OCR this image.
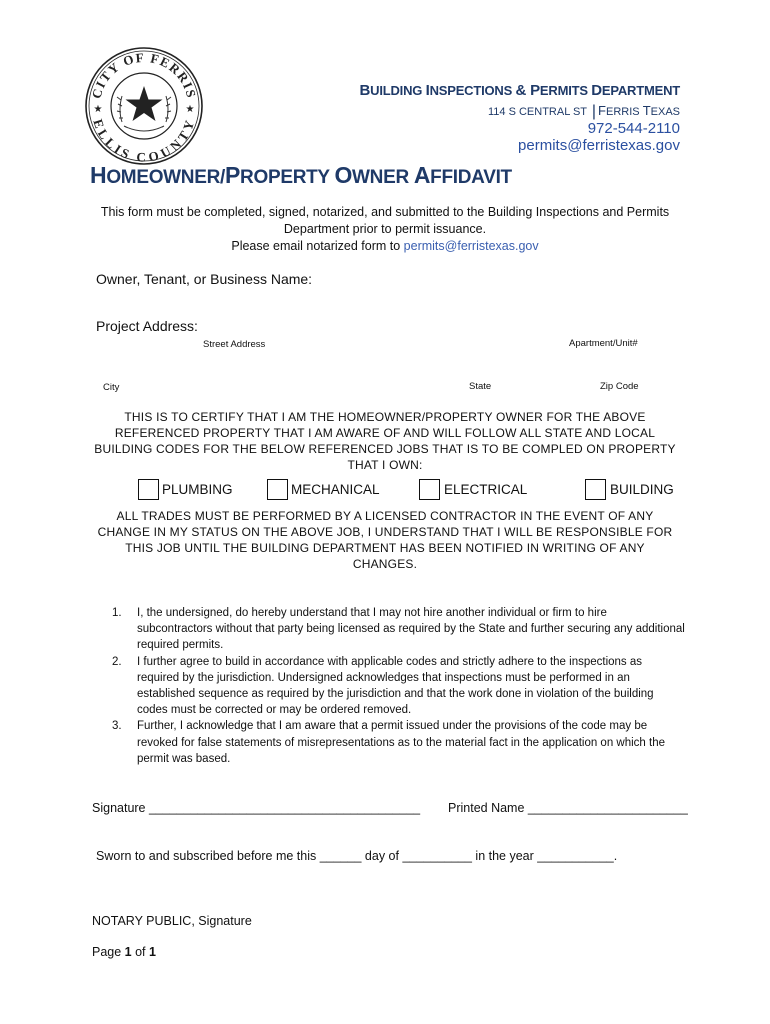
CITY OF FERRIS
ELLIS COUNTY
★	★
BUILDING INSPECTIONS & PERMITS DEPARTMENT
114 S CENTRAL ST | FERRIS TEXAS
972-544-2110
permits@ferristexas.gov
HOMEOWNER/PROPERTY OWNER AFFIDAVIT
This form must be completed, signed, notarized, and submitted to the Building Inspections and Permits Department prior to permit issuance.
Please email notarized form to permits@ferristexas.gov
Owner, Tenant, or Business Name:
Project Address:
Street Address	Apartment/Unit#
City	State	Zip Code
THIS IS TO CERTIFY THAT I AM THE HOMEOWNER/PROPERTY OWNER FOR THE ABOVE REFERENCED PROPERTY THAT I AM AWARE OF AND WILL FOLLOW ALL STATE AND LOCAL BUILDING CODES FOR THE BELOW REFERENCED JOBS THAT IS TO BE COMPLED ON PROPERTY THAT I OWN:
PLUMBING	MECHANICAL	ELECTRICAL	BUILDING
ALL TRADES MUST BE PERFORMED BY A LICENSED CONTRACTOR IN THE EVENT OF ANY CHANGE IN MY STATUS ON THE ABOVE JOB, I UNDERSTAND THAT I WILL BE RESPONSIBLE FOR THIS JOB UNTIL THE BUILDING DEPARTMENT HAS BEEN NOTIFIED IN WRITING OF ANY CHANGES.
1. I, the undersigned, do hereby understand that I may not hire another individual or firm to hire subcontractors without that party being licensed as required by the State and further securing any additional required permits.
2. I further agree to build in accordance with applicable codes and strictly adhere to the inspections as required by the jurisdiction. Undersigned acknowledges that inspections must be performed in an established sequence as required by the jurisdiction and that the work done in violation of the building codes must be corrected or may be ordered removed.
3. Further, I acknowledge that I am aware that a permit issued under the provisions of the code may be revoked for false statements of misrepresentations as to the material fact in the application on which the permit was based.
Signature _______________________________________ Printed Name _______________________
Sworn to and subscribed before me this ______ day of __________ in the year ___________.
NOTARY PUBLIC, Signature
Page 1 of 1
